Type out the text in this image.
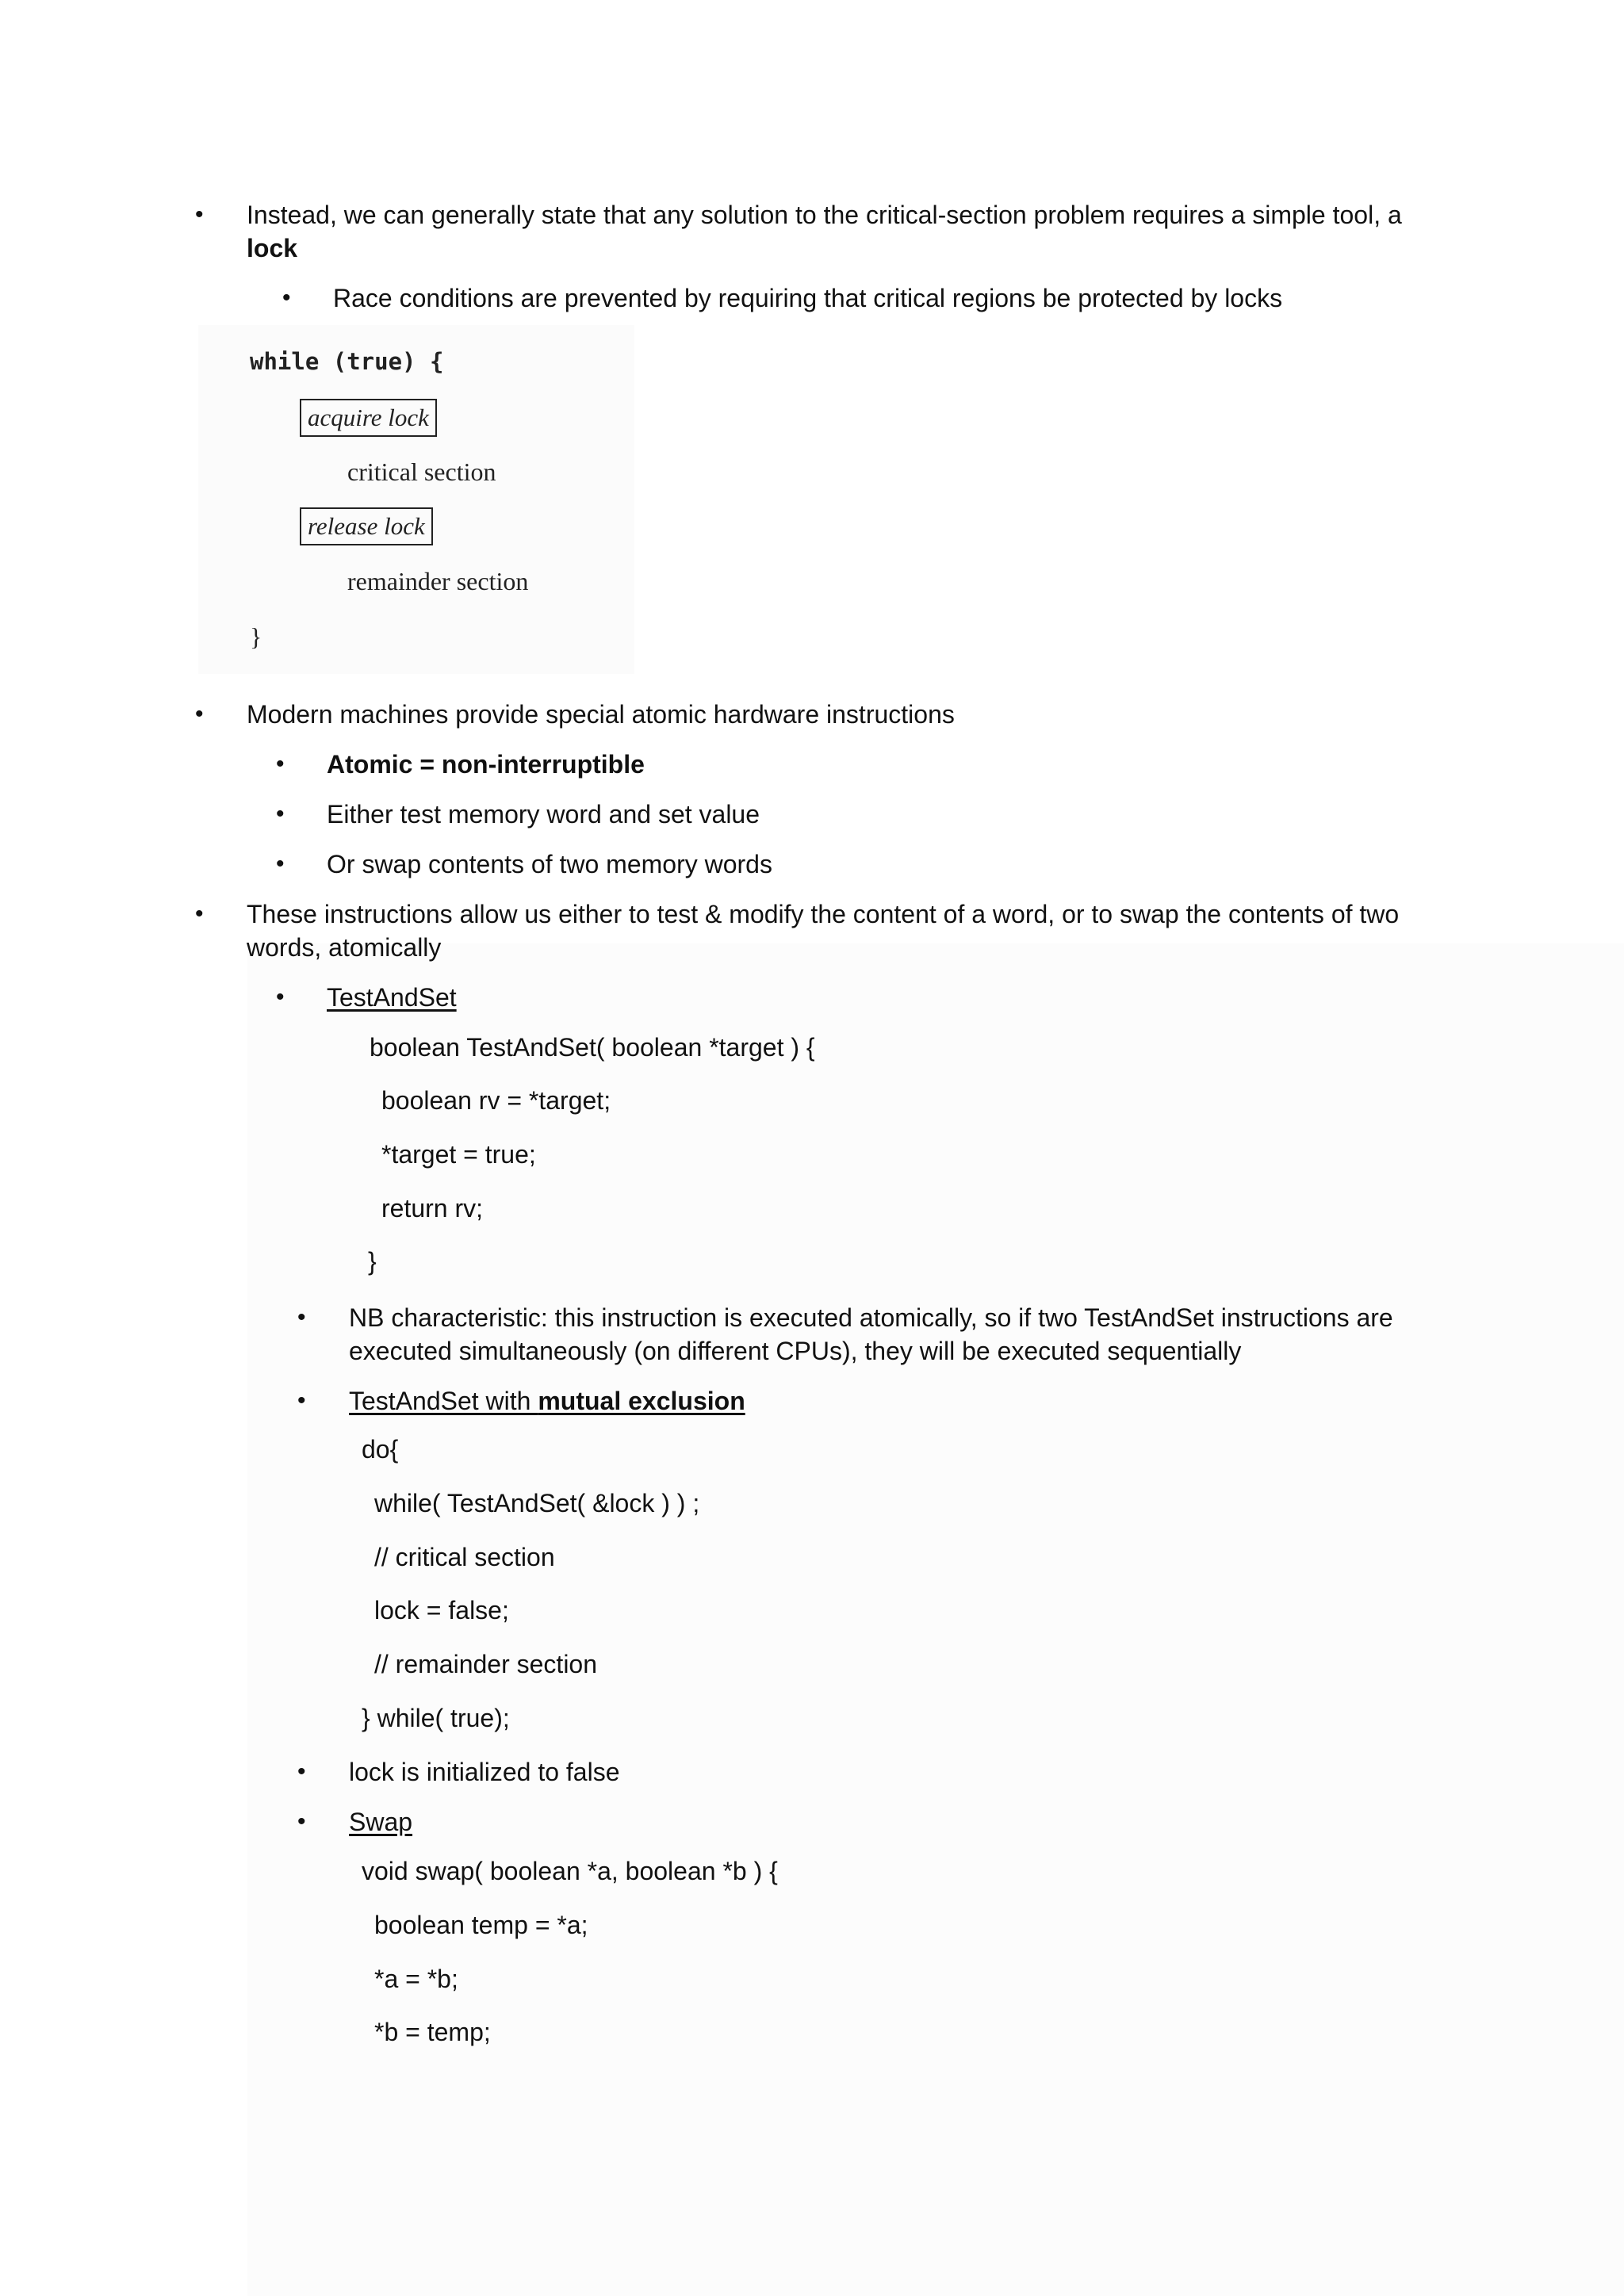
• Instead, we can generally state that any solution to the critical-section problem requires a simple tool, a
lock
• Race conditions are prevented by requiring that critical regions be protected by locks
while (true) {
acquire lock
critical section
release lock
remainder section
}
• Modern machines provide special atomic hardware instructions
• Atomic = non-interruptible
• Either test memory word and set value
• Or swap contents of two memory words
• These instructions allow us either to test & modify the content of a word, or to swap the contents of two
words, atomically
• TestAndSet
boolean TestAndSet( boolean *target ) {
boolean rv = *target;
*target = true;
return rv;
}
• NB characteristic: this instruction is executed atomically, so if two TestAndSet instructions are
executed simultaneously (on different CPUs), they will be executed sequentially
• TestAndSet with mutual exclusion
do{
while( TestAndSet( &lock ) ) ;
// critical section
lock = false;
// remainder section
} while( true);
• lock is initialized to false
• Swap
void swap( boolean *a, boolean *b ) {
boolean temp = *a;
*a = *b;
*b = temp;
